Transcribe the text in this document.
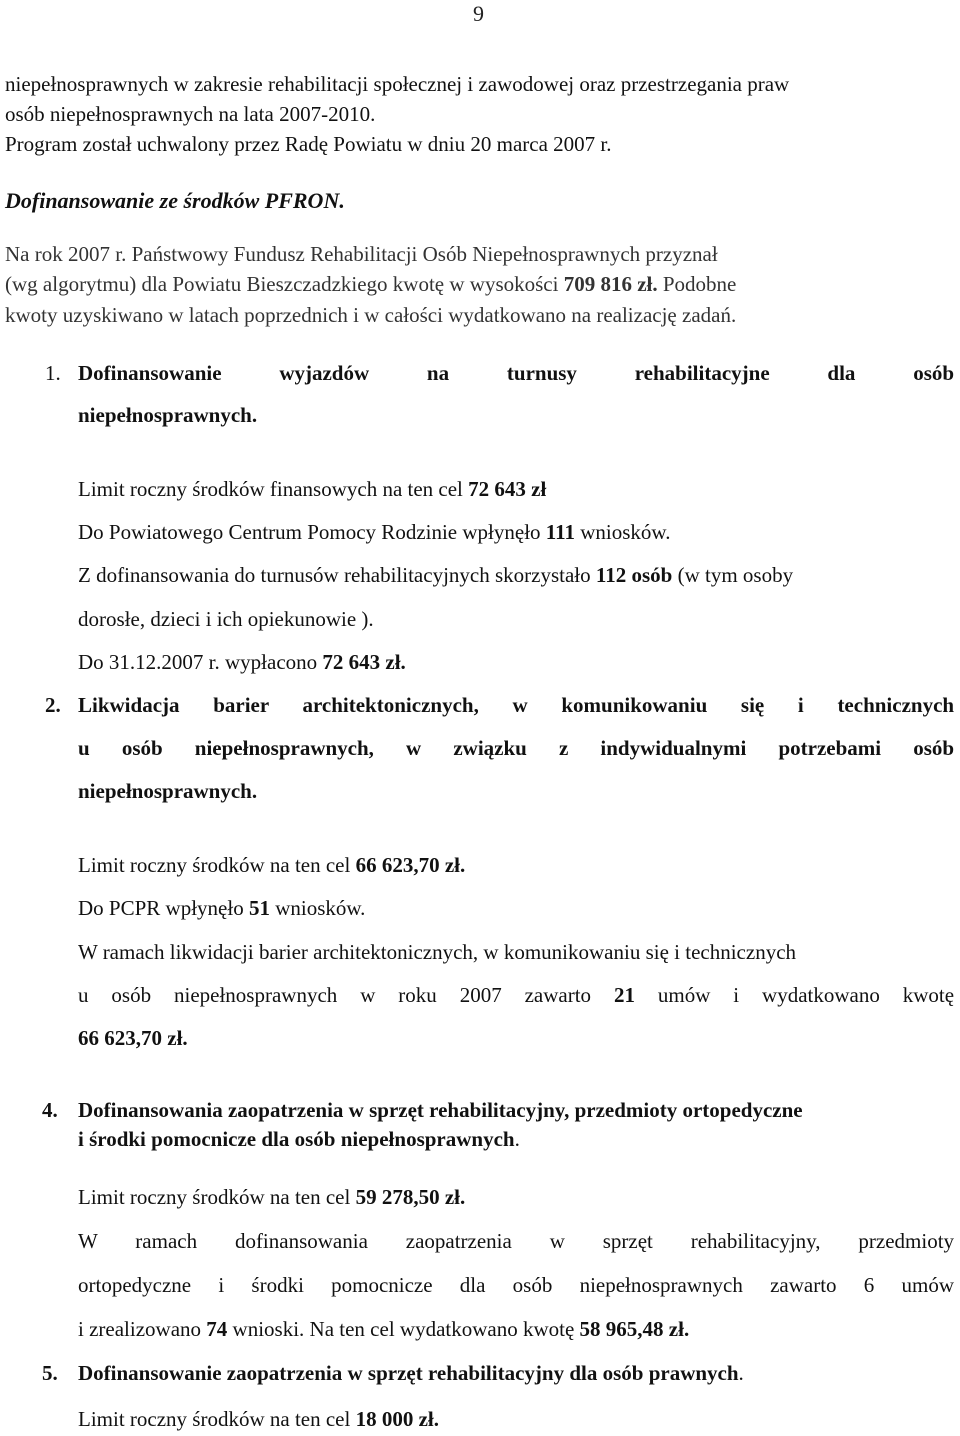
9
niepełnosprawnych w zakresie rehabilitacji społecznej i zawodowej oraz przestrzegania praw
osób niepełnosprawnych na lata 2007-2010.
Program został uchwalony przez Radę Powiatu w dniu 20 marca 2007 r.
Dofinansowanie ze środków PFRON.
Na rok 2007 r. Państwowy Fundusz Rehabilitacji Osób Niepełnosprawnych przyznał
(wg algorytmu) dla Powiatu Bieszczadzkiego kwotę w wysokości 709 816 zł. Podobne
kwoty uzyskiwano w latach poprzednich i w całości wydatkowano na realizację zadań.
1. Dofinansowanie	wyjazdów	na	turnusy	rehabilitacyjne	dla	osób
niepełnosprawnych.
Limit roczny środków finansowych na ten cel 72 643 zł
Do Powiatowego Centrum Pomocy Rodzinie wpłynęło 111 wniosków.
Z dofinansowania do turnusów rehabilitacyjnych skorzystało 112 osób (w tym osoby
dorosłe, dzieci i ich opiekunowie ).
Do 31.12.2007 r. wypłacono 72 643 zł.
2. Likwidacja barier architektonicznych, w komunikowaniu się i technicznych
u osób niepełnosprawnych, w związku z indywidualnymi potrzebami osób
niepełnosprawnych.
Limit roczny środków na ten cel 66 623,70 zł.
Do PCPR wpłynęło 51 wniosków.
W ramach likwidacji barier architektonicznych, w komunikowaniu się i technicznych
u osób niepełnosprawnych w roku 2007 zawarto 21 umów i wydatkowano kwotę
66 623,70 zł.
4. Dofinansowania zaopatrzenia w sprzęt rehabilitacyjny, przedmioty ortopedyczne
i środki pomocnicze dla osób niepełnosprawnych.
Limit roczny środków na ten cel 59 278,50 zł.
W ramach dofinansowania zaopatrzenia w sprzęt rehabilitacyjny, przedmioty
ortopedyczne i środki pomocnicze dla osób niepełnosprawnych zawarto 6 umów
i zrealizowano 74 wnioski. Na ten cel wydatkowano kwotę 58 965,48 zł.
5. Dofinansowanie zaopatrzenia w sprzęt rehabilitacyjny dla osób prawnych.
Limit roczny środków na ten cel 18 000 zł.
